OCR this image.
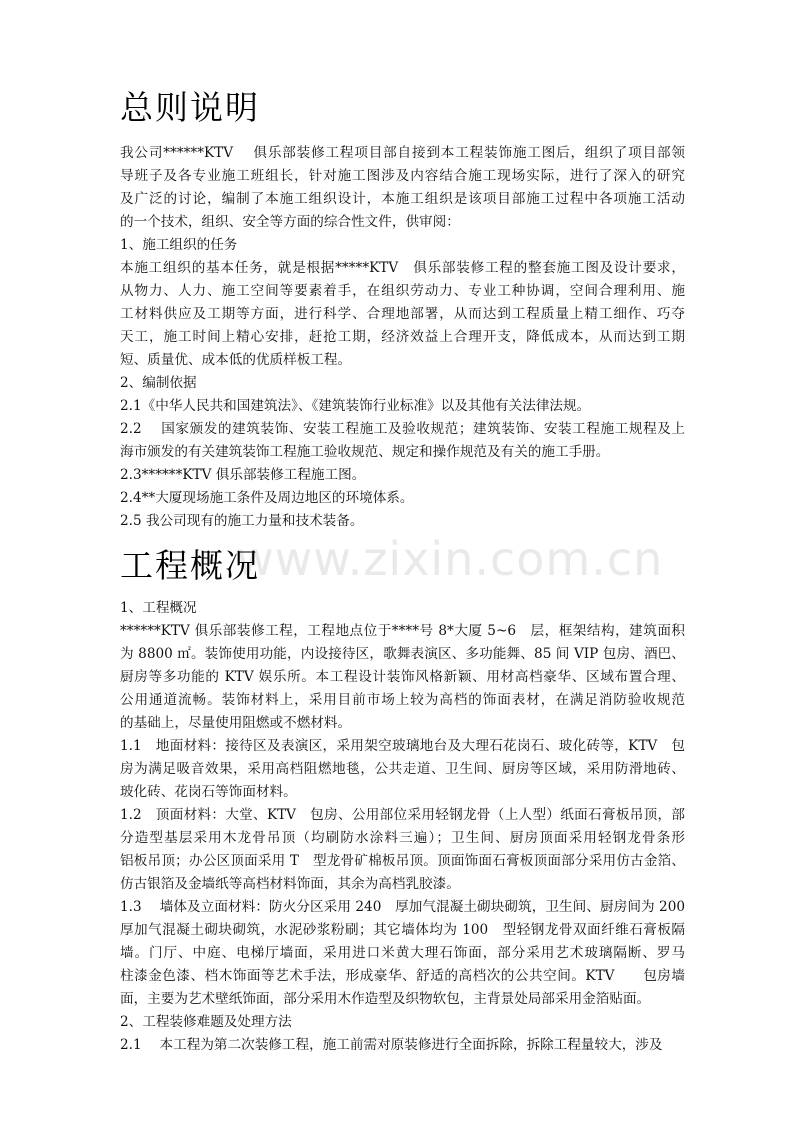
www.zixin.com.cn
总则说明

我公司******KTV　 俱乐部装修工程项目部自接到本工程装饰施工图后，组织了项目部领

导班子及各专业施工班组长，针对施工图涉及内容结合施工现场实际，进行了深入的研究

及广泛的讨论，编制了本施工组织设计，本施工组织是该项目部施工过程中各项施工活动

的一个技术，组织、安全等方面的综合性文件，供审阅：

1、施工组织的任务

本施工组织的基本任务，就是根据*****KTV　俱乐部装修工程的整套施工图及设计要求，

从物力、人力、施工空间等要素着手，在组织劳动力、专业工种协调，空间合理利用、施

工材料供应及工期等方面，进行科学、合理地部署，从而达到工程质量上精工细作、巧夺

天工，施工时间上精心安排，赶抢工期，经济效益上合理开支，降低成本，从而达到工期

短、质量优、成本低的优质样板工程。

2、编制依据

2.1《中华人民共和国建筑法》、《建筑装饰行业标准》以及其他有关法律法规。

2.2　 国家颁发的建筑装饰、安装工程施工及验收规范；建筑装饰、安装工程施工规程及上

海市颁发的有关建筑装饰工程施工验收规范、规定和操作规范及有关的施工手册。

2.3******KTV 俱乐部装修工程施工图。

2.4**大厦现场施工条件及周边地区的环境体系。

2.5 我公司现有的施工力量和技术装备。

工程概况

1、工程概况

******KTV 俱乐部装修工程，工程地点位于****号 8*大厦 5~6　层，框架结构，建筑面积

为 8800 ㎡。装饰使用功能，内设接待区，歌舞表演区、多功能舞、85 间 VIP 包房、酒巴、

厨房等多功能的 KTV 娱乐所。本工程设计装饰风格新颖、用材高档豪华、区域布置合理、

公用通道流畅。装饰材料上，采用目前市场上较为高档的饰面表材，在满足消防验收规范

的基础上，尽量使用阻燃或不燃材料。

1.1　地面材料：接待区及表演区，采用架空玻璃地台及大理石花岗石、玻化砖等，KTV　包

房为满足吸音效果，采用高档阻燃地毯，公共走道、卫生间、厨房等区域，采用防滑地砖、

玻化砖、花岗石等饰面材料。

1.2　顶面材料：大堂、KTV　包房、公用部位采用轻钢龙骨（上人型）纸面石膏板吊顶，部

分造型基层采用木龙骨吊顶（均刷防水涂料三遍）；卫生间、厨房顶面采用轻钢龙骨条形

铝板吊顶；办公区顶面采用 T　型龙骨矿棉板吊顶。顶面饰面石膏板顶面部分采用仿古金箔、

仿古银箔及金墙纸等高档材料饰面，其余为高档乳胶漆。

1.3　 墙体及立面材料：防火分区采用 240　厚加气混凝土砌块砌筑，卫生间、厨房间为 200

厚加气混凝土砌块砌筑，水泥砂浆粉刷；其它墙体均为 100　型轻钢龙骨双面纤维石膏板隔

墙。门厅、中庭、电梯厅墙面，采用进口米黄大理石饰面，部分采用艺术玻璃隔断、罗马

柱漆金色漆、档木饰面等艺术手法，形成豪华、舒适的高档次的公共空间。KTV　　包房墙

面，主要为艺术壁纸饰面，部分采用木作造型及织物软包，主背景处局部采用金箔贴面。

2、工程装修难题及处理方法

2.1　 本工程为第二次装修工程，施工前需对原装修进行全面拆除，拆除工程量较大，涉及
